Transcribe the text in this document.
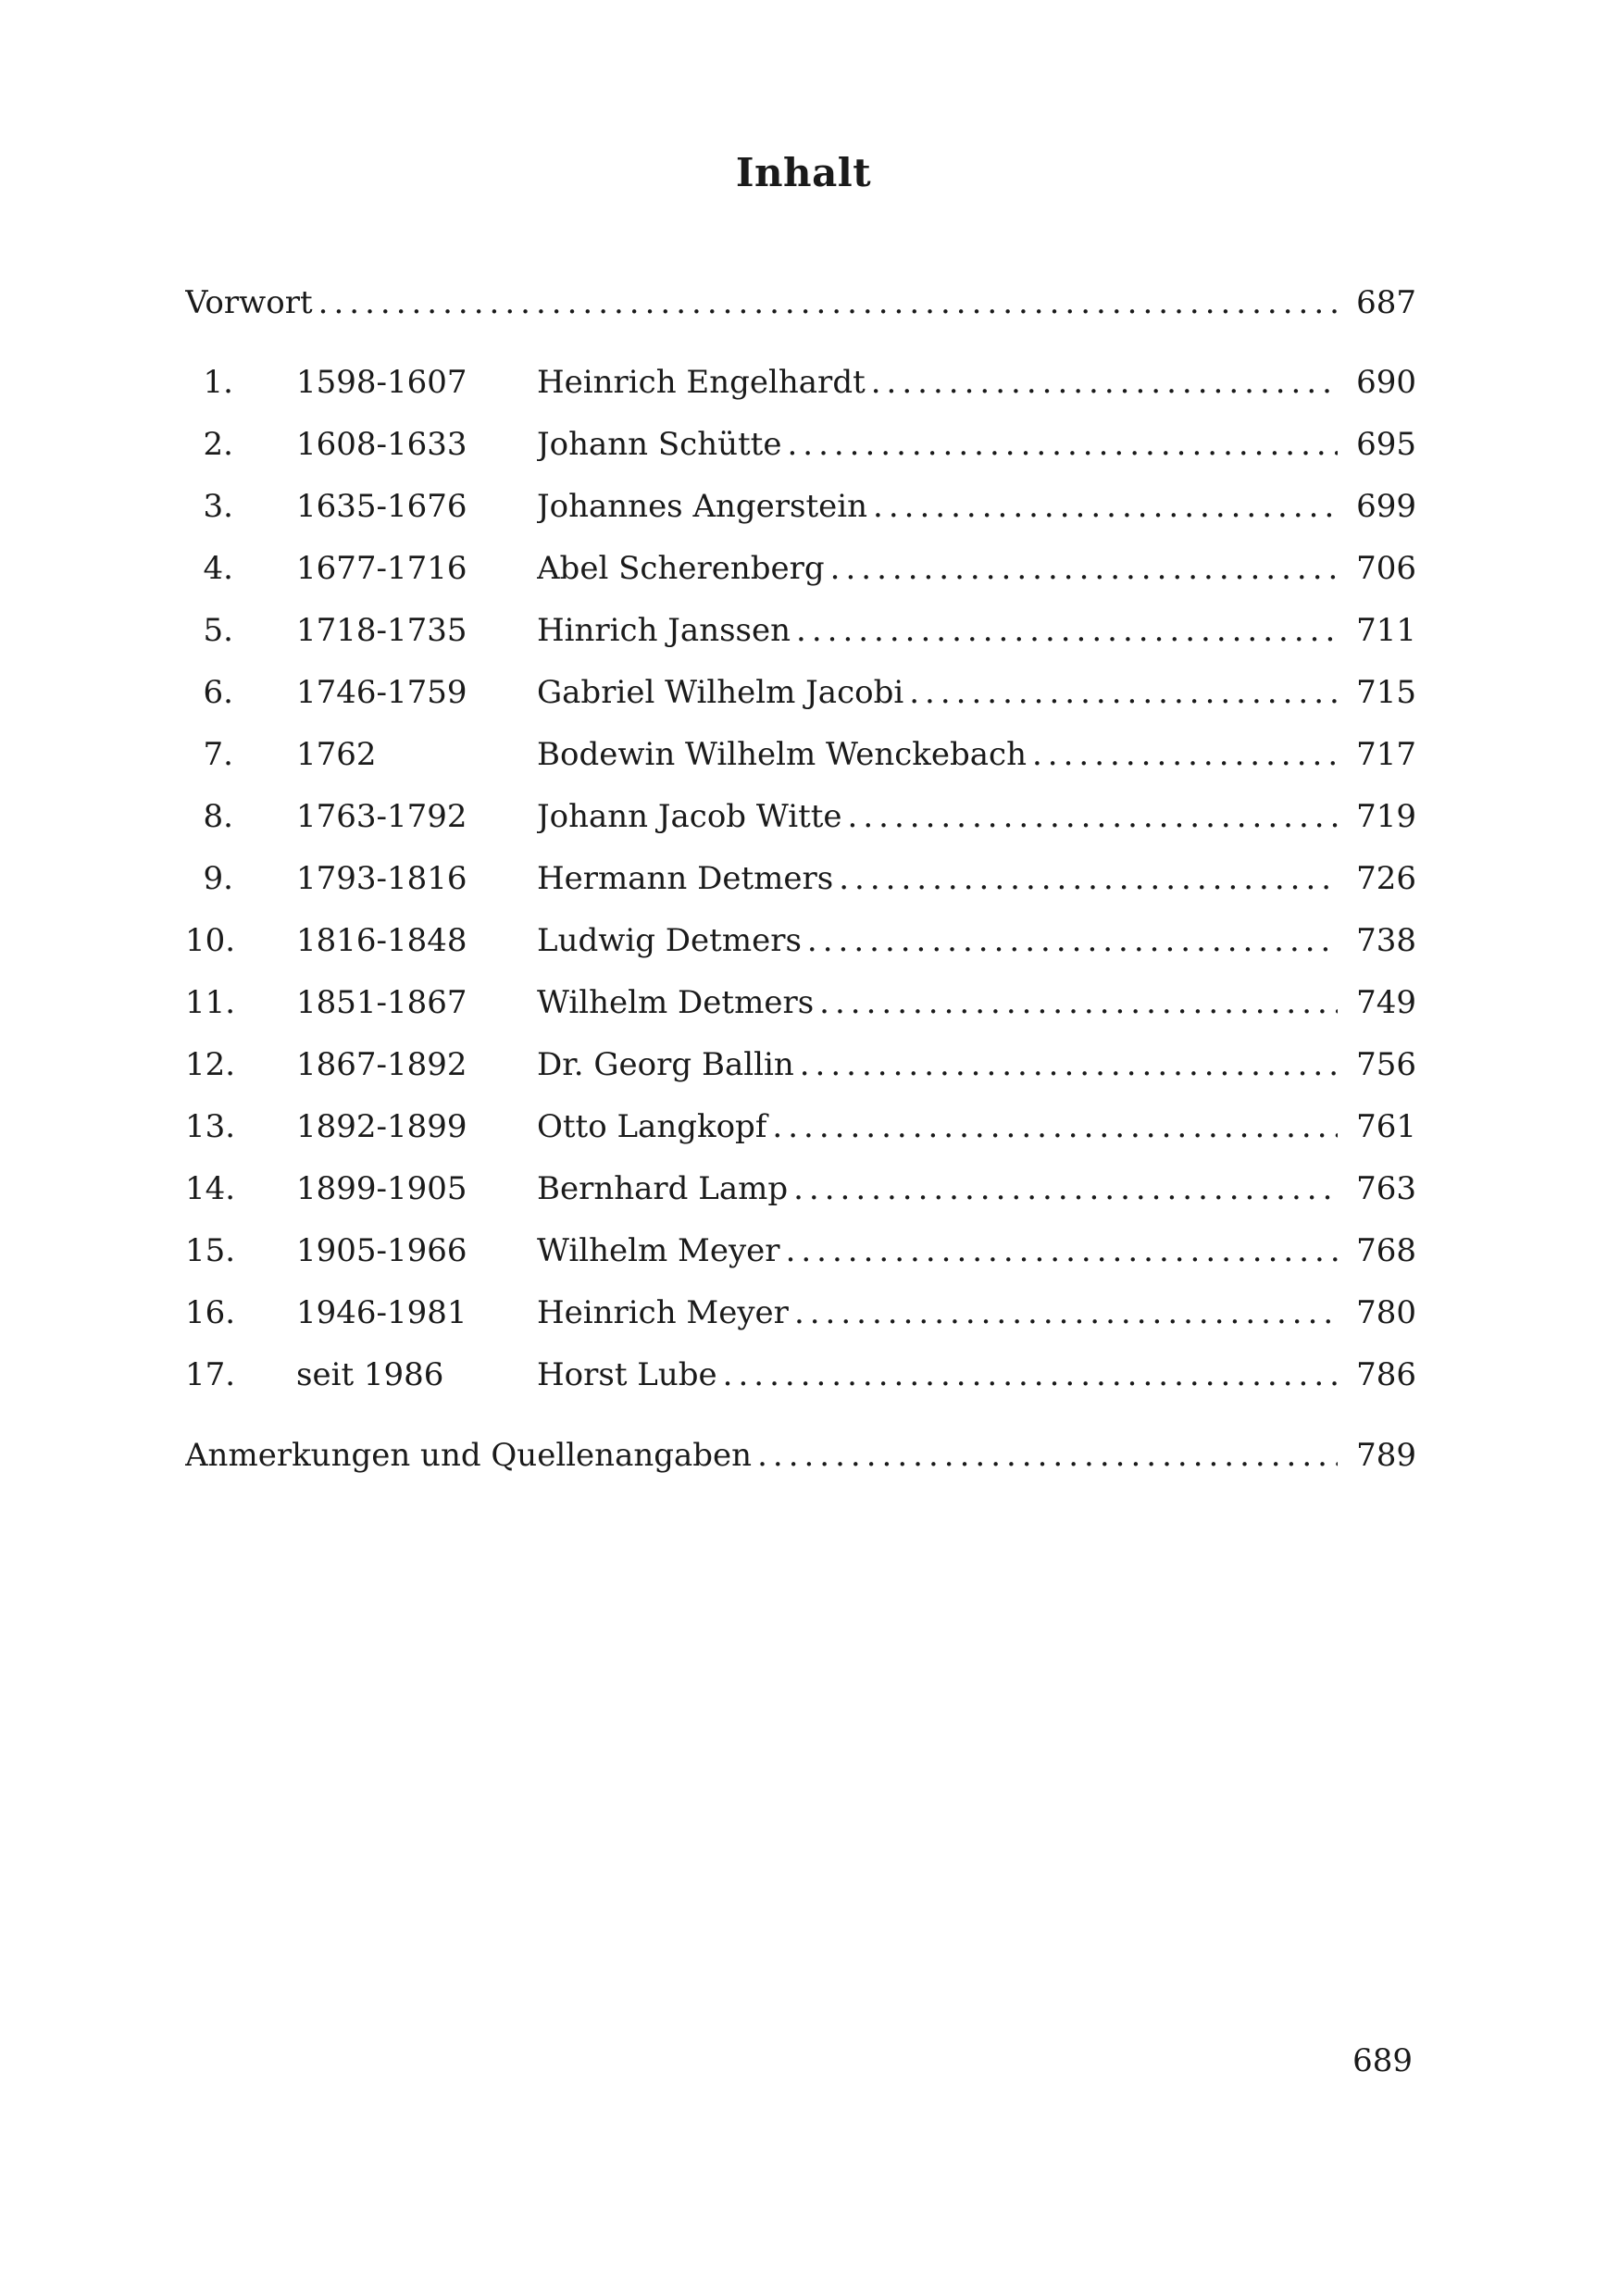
Inhalt
Vorwort .....	687
1. 1598-1607 Heinrich Engelhardt .....	690
2. 1608-1633 Johann Schütte .....	695
3. 1635-1676 Johannes Angerstein .....	699
4. 1677-1716 Abel Scherenberg .....	706
5. 1718-1735 Hinrich Janssen .....	711
6. 1746-1759 Gabriel Wilhelm Jacobi .....	715
7. 1762	Bodewin Wilhelm Wenckebach .....	717
8. 1763-1792 Johann Jacob Witte .....	719
9. 1793-1816 Hermann Detmers .....	726
10. 1816-1848 Ludwig Detmers .....	738
11. 1851-1867 Wilhelm Detmers .....	749
12. 1867-1892 Dr. Georg Ballin .....	756
13. 1892-1899 Otto Langkopf .....	761
14. 1899-1905 Bernhard Lamp .....	763
15. 1905-1966 Wilhelm Meyer .....	768
16. 1946-1981 Heinrich Meyer .....	780
17. seit 1986	Horst Lube .....	786
Anmerkungen und Quellenangaben .....	789
689
